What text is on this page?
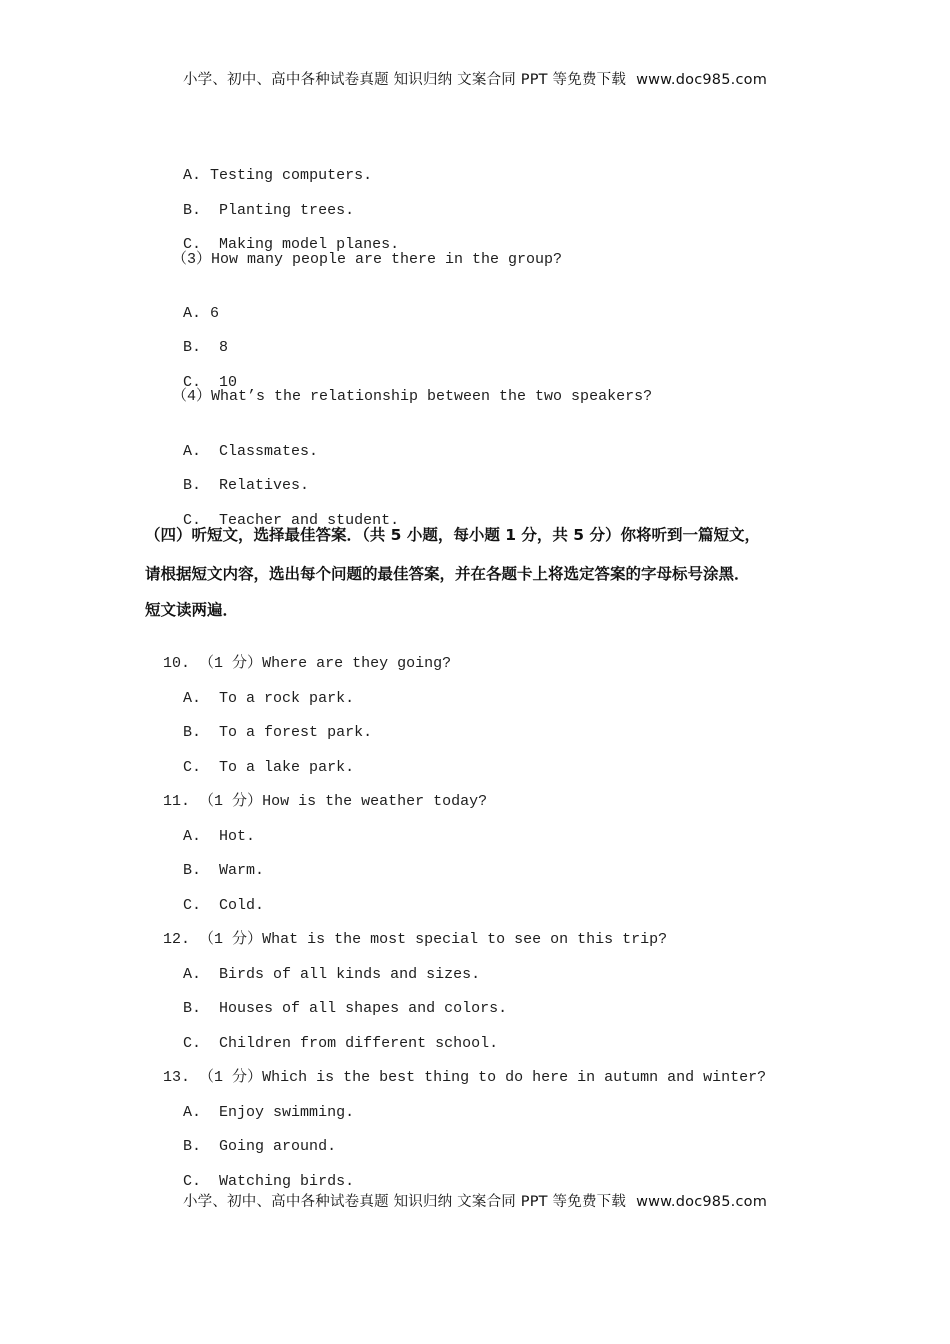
小学、初中、高中各种试卷真题 知识归纳 文案合同 PPT 等免费下载 www.doc985.com

A. Testing computers.

B. Planting trees.

C. Making model planes.

（3）How many people are there in the group?

A. 6

B. 8

C. 10

（4）What’s the relationship between the two speakers?

A. Classmates.

B. Relatives.

C. Teacher and student.

（四）听短文，选择最佳答案．（共 5 小题，每小题 1 分，共 5 分）你将听到一篇短文，
请根据短文内容，选出每个问题的最佳答案，并在各题卡上将选定答案的字母标号涂黑．
短文读两遍．

10. （1 分）Where are they going?

A. To a rock park.

B. To a forest park.

C. To a lake park.

11. （1 分）How is the weather today?

A. Hot.

B. Warm.

C. Cold.

12. （1 分）What is the most special to see on this trip?

A. Birds of all kinds and sizes.

B. Houses of all shapes and colors.

C. Children from different school.

13. （1 分）Which is the best thing to do here in autumn and winter?

A. Enjoy swimming.

B. Going around.

C. Watching birds.

小学、初中、高中各种试卷真题 知识归纳 文案合同 PPT 等免费下载 www.doc985.com
